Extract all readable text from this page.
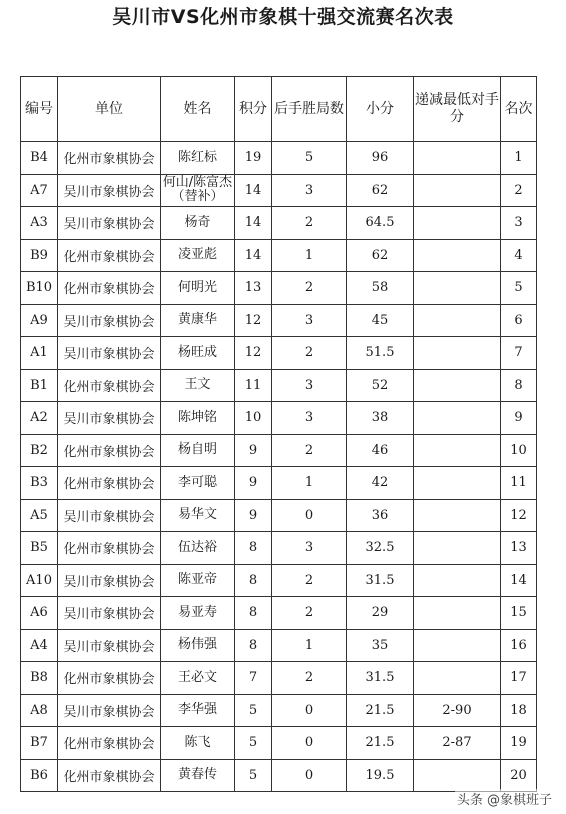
吴川市VS化州市象棋十强交流赛名次表
编号	单位	姓名	积分	后手胜局数	小分	递减最低对手分	名次
B4	化州市象棋协会	陈红标	19	5	96		1
A7	吴川市象棋协会	何山/陈富杰（替补）	14	3	62		2
A3	吴川市象棋协会	杨奇	14	2	64.5		3
B9	化州市象棋协会	凌亚彪	14	1	62		4
B10	化州市象棋协会	何明光	13	2	58		5
A9	吴川市象棋协会	黄康华	12	3	45		6
A1	吴川市象棋协会	杨旺成	12	2	51.5		7
B1	化州市象棋协会	王文	11	3	52		8
A2	吴川市象棋协会	陈坤铭	10	3	38		9
B2	化州市象棋协会	杨自明	9	2	46		10
B3	化州市象棋协会	李可聪	9	1	42		11
A5	吴川市象棋协会	易华文	9	0	36		12
B5	化州市象棋协会	伍达裕	8	3	32.5		13
A10	吴川市象棋协会	陈亚帝	8	2	31.5		14
A6	吴川市象棋协会	易亚寿	8	2	29		15
A4	吴川市象棋协会	杨伟强	8	1	35		16
B8	化州市象棋协会	王必文	7	2	31.5		17
A8	吴川市象棋协会	李华强	5	0	21.5	2-90	18
B7	化州市象棋协会	陈飞	5	0	21.5	2-87	19
B6	化州市象棋协会	黄春传	5	0	19.5		20
头条 @象棋班子
